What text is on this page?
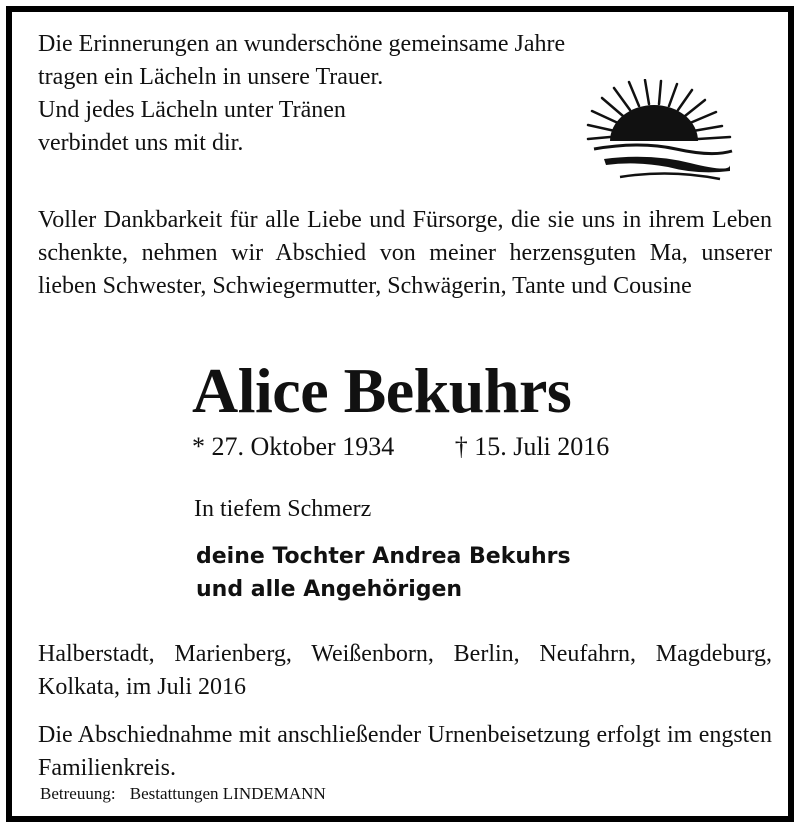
Die Erinnerungen an wunderschöne gemeinsame Jahre
tragen ein Lächeln in unsere Trauer.
Und jedes Lächeln unter Tränen
verbindet uns mit dir.
Voller Dankbarkeit für alle Liebe und Fürsorge, die sie uns in ihrem Leben schenkte, nehmen wir Abschied von meiner herzensguten Ma, unserer lieben Schwester, Schwiegermutter, Schwägerin, Tante und Cousine
Alice Bekuhrs
* 27. Oktober 1934 † 15. Juli 2016
In tiefem Schmerz
deine Tochter Andrea Bekuhrs
und alle Angehörigen
Halberstadt, Marienberg, Weißenborn, Berlin, Neufahrn, Magdeburg, Kolkata, im Juli 2016
Die Abschiednahme mit anschließender Urnenbeisetzung erfolgt im engsten Familienkreis.
Betreuung: Bestattungen LINDEMANN
